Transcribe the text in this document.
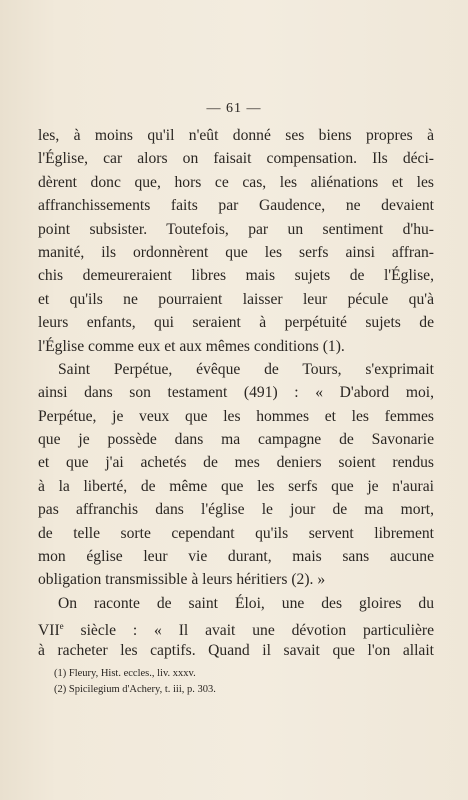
— 61 —
les, à moins qu'il n'eût donné ses biens propres à
l'Église, car alors on faisait compensation. Ils déci-
dèrent donc que, hors ce cas, les aliénations et les
affranchissements faits par Gaudence, ne devaient
point subsister. Toutefois, par un sentiment d'hu-
manité, ils ordonnèrent que les serfs ainsi affran-
chis demeureraient libres mais sujets de l'Église,
et qu'ils ne pourraient laisser leur pécule qu'à
leurs enfants, qui seraient à perpétuité sujets de
l'Église comme eux et aux mêmes conditions (1).
Saint Perpétue, évêque de Tours, s'exprimait
ainsi dans son testament (491) : « D'abord moi,
Perpétue, je veux que les hommes et les femmes
que je possède dans ma campagne de Savonarie
et que j'ai achetés de mes deniers soient rendus
à la liberté, de même que les serfs que je n'aurai
pas affranchis dans l'église le jour de ma mort,
de telle sorte cependant qu'ils servent librement
mon église leur vie durant, mais sans aucune
obligation transmissible à leurs héritiers (2). »
On raconte de saint Éloi, une des gloires du
VIIe siècle : « Il avait une dévotion particulière
à racheter les captifs. Quand il savait que l'on allait
(1) Fleury, Hist. eccles., liv. xxxv.
(2) Spicilegium d'Achery, t. iii, p. 303.
